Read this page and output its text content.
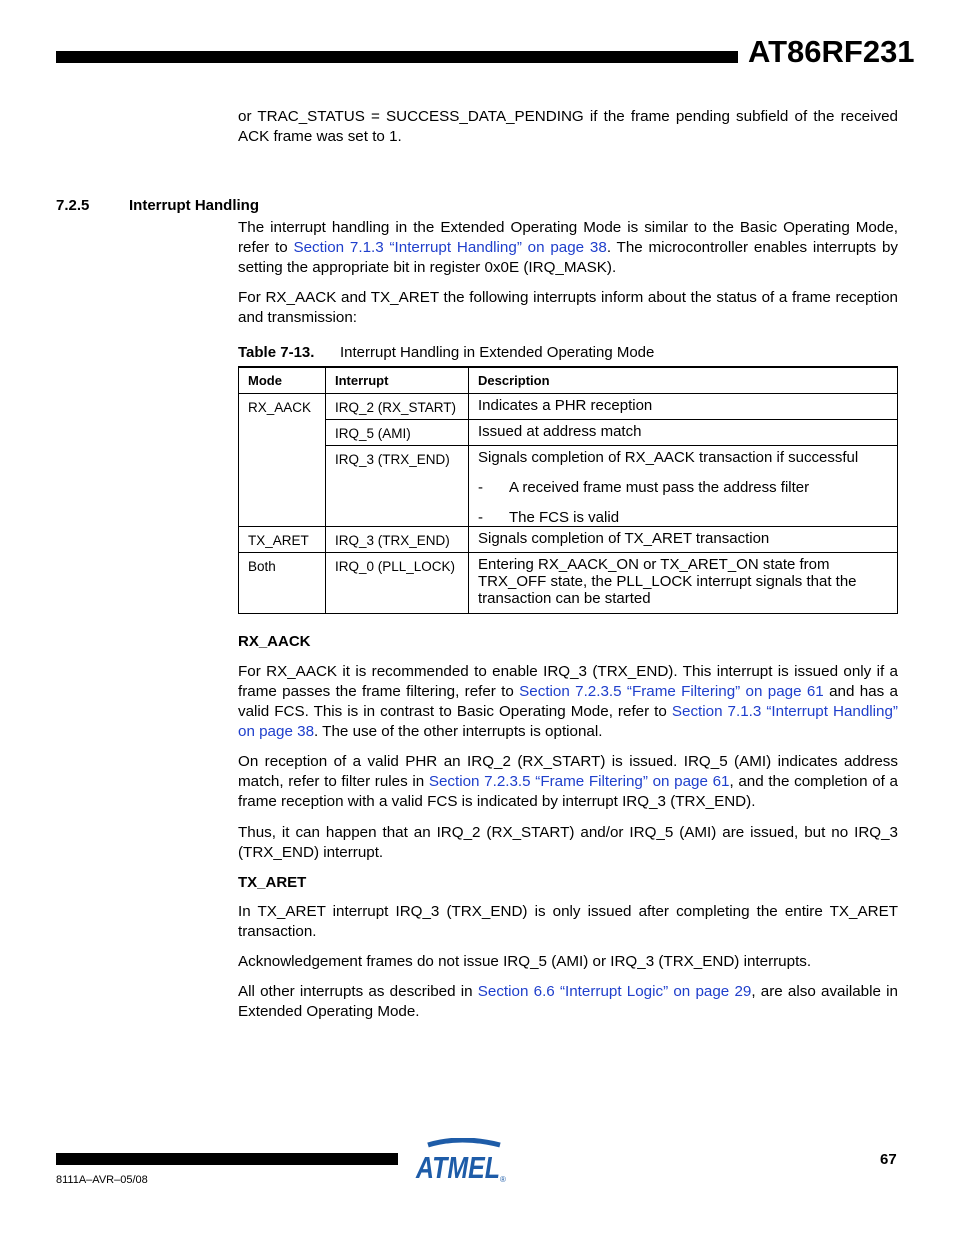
AT86RF231

or TRAC_STATUS = SUCCESS_DATA_PENDING if the frame pending subfield of the received ACK frame was set to 1.

7.2.5	Interrupt Handling

The interrupt handling in the Extended Operating Mode is similar to the Basic Operating Mode, refer to Section 7.1.3 “Interrupt Handling” on page 38. The microcontroller enables interrupts by setting the appropriate bit in register 0x0E (IRQ_MASK).

For RX_AACK and TX_ARET the following interrupts inform about the status of a frame reception and transmission:

Table 7-13. Interrupt Handling in Extended Operating Mode
Mode	Interrupt	Description
RX_AACK	IRQ_2 (RX_START)	Indicates a PHR reception
	IRQ_5 (AMI)	Issued at address match
	IRQ_3 (TRX_END)	Signals completion of RX_AACK transaction if successful
- A received frame must pass the address filter
- The FCS is valid

TX_ARET	IRQ_3 (TRX_END)	Signals completion of TX_ARET transaction
Both	IRQ_0 (PLL_LOCK)	Entering RX_AACK_ON or TX_ARET_ON state from TRX_OFF state, the PLL_LOCK interrupt signals that the transaction can be started
RX_AACK

For RX_AACK it is recommended to enable IRQ_3 (TRX_END). This interrupt is issued only if a frame passes the frame filtering, refer to Section 7.2.3.5 “Frame Filtering” on page 61 and has a valid FCS. This is in contrast to Basic Operating Mode, refer to Section 7.1.3 “Interrupt Handling” on page 38. The use of the other interrupts is optional.

On reception of a valid PHR an IRQ_2 (RX_START) is issued. IRQ_5 (AMI) indicates address match, refer to filter rules in Section 7.2.3.5 “Frame Filtering” on page 61, and the completion of a frame reception with a valid FCS is indicated by interrupt IRQ_3 (TRX_END).

Thus, it can happen that an IRQ_2 (RX_START) and/or IRQ_5 (AMI) are issued, but no IRQ_3 (TRX_END) interrupt.

TX_ARET

In TX_ARET interrupt IRQ_3 (TRX_END) is only issued after completing the entire TX_ARET transaction.

Acknowledgement frames do not issue IRQ_5 (AMI) or IRQ_3 (TRX_END) interrupts.

All other interrupts as described in Section 6.6 “Interrupt Logic” on page 29, are also available in Extended Operating Mode.

8111A–AVR–05/08
67
ATMEL ®
